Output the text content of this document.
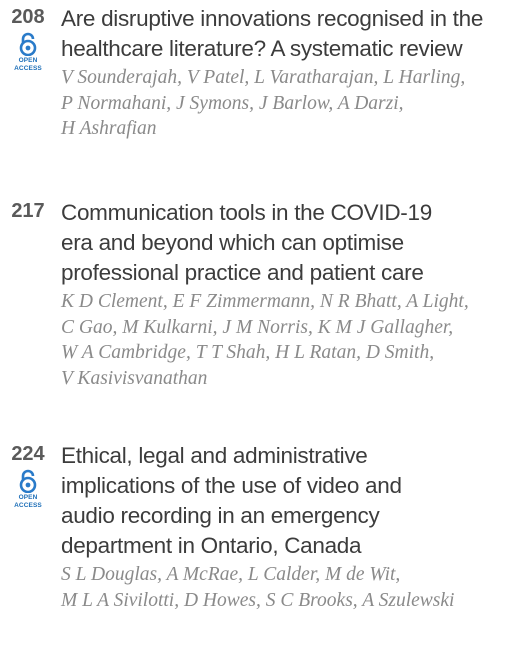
208
OPEN ACCESS
Are disruptive innovations recognised in the
healthcare literature? A systematic review
V Sounderajah, V Patel, L Varatharajan, L Harling,
P Normahani, J Symons, J Barlow, A Darzi,
H Ashrafian
217 Communication tools in the COVID-19
era and beyond which can optimise
professional practice and patient care
K D Clement, E F Zimmermann, N R Bhatt, A Light,
C Gao, M Kulkarni, J M Norris, K M J Gallagher,
W A Cambridge, T T Shah, H L Ratan, D Smith,
V Kasivisvanathan
224
OPEN ACCESS
Ethical, legal and administrative
implications of the use of video and
audio recording in an emergency
department in Ontario, Canada
S L Douglas, A McRae, L Calder, M de Wit,
M L A Sivilotti, D Howes, S C Brooks, A Szulewski
